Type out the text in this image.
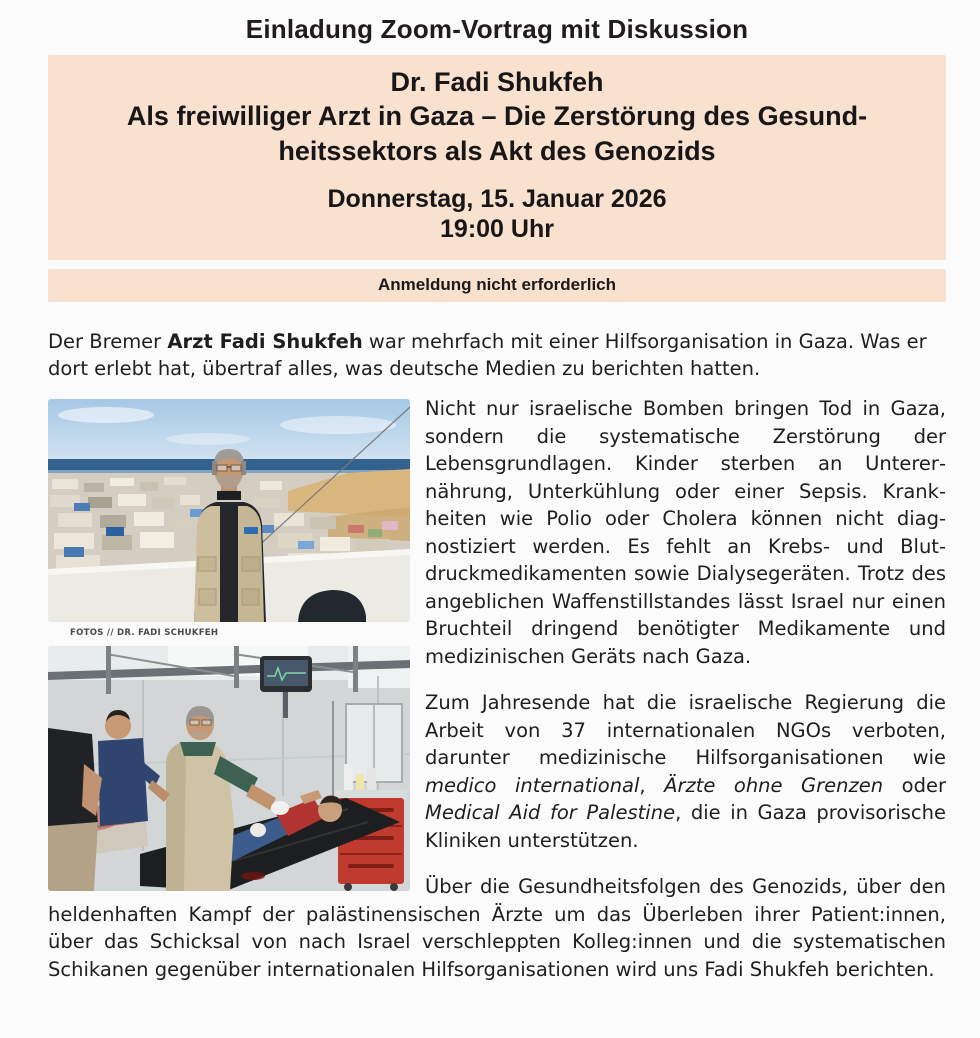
Einladung Zoom-Vortrag mit Diskussion
Dr. Fadi Shukfeh
Als freiwilliger Arzt in Gaza – Die Zerstörung des Gesund-
heitssektors als Akt des Genozids
Donnerstag, 15. Januar 2026
19:00 Uhr
Anmeldung nicht erforderlich

Der Bremer Arzt Fadi Shukfeh war mehrfach mit einer Hilfsorganisation in Gaza. Was er dort erlebt hat, übertraf alles, was deutsche Medien zu berichten hatten.

FOTOS // DR. FADI SCHUKFEH

Nicht nur israelische Bomben bringen Tod in Gaza, sondern die systematische Zerstörung der Lebensgrundlagen. Kinder sterben an Unterernährung, Unterkühlung oder einer Sepsis. Krankheiten wie Polio oder Cholera können nicht diagnostiziert werden. Es fehlt an Krebs- und Blutdruckmedikamenten sowie Dialysegeräten. Trotz des angeblichen Waffenstillstandes lässt Israel nur einen Bruchteil dringend benötigter Medikamente und medizinischen Geräts nach Gaza.

Zum Jahresende hat die israelische Regierung die Arbeit von 37 internationalen NGOs verboten, darunter medizinische Hilfsorganisationen wie medico international, Ärzte ohne Grenzen oder Medical Aid for Palestine, die in Gaza provisorische Kliniken unterstützen.

Über die Gesundheitsfolgen des Genozids, über den heldenhaften Kampf der palästinensischen Ärzte um das Überleben ihrer Patient:innen, über das Schicksal von nach Israel verschleppten Kolleg:innen und die systematischen Schikanen gegenüber internationalen Hilfsorganisationen wird uns Fadi Shukfeh berichten.
